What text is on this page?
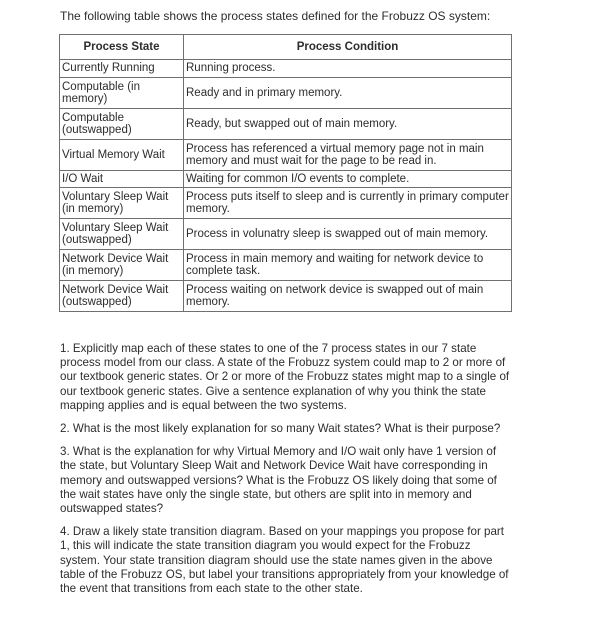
The following table shows the process states defined for the Frobuzz OS system:
Process State	Process Condition
Currently Running	Running process.
Computable (in memory)	Ready and in primary memory.
Computable (outswapped)	Ready, but swapped out of main memory.
Virtual Memory Wait	Process has referenced a virtual memory page not in main memory and must wait for the page to be read in.
I/O Wait	Waiting for common I/O events to complete.
Voluntary Sleep Wait (in memory)	Process puts itself to sleep and is currently in primary computer memory.
Voluntary Sleep Wait (outswapped)	Process in volunatry sleep is swapped out of main memory.
Network Device Wait (in memory)	Process in main memory and waiting for network device to complete task.
Network Device Wait (outswapped)	Process waiting on network device is swapped out of main memory.

1. Explicitly map each of these states to one of the 7 process states in our 7 state process model from our class. A state of the Frobuzz system could map to 2 or more of our textbook generic states. Or 2 or more of the Frobuzz states might map to a single of our textbook generic states. Give a sentence explanation of why you think the state mapping applies and is equal between the two systems.

2. What is the most likely explanation for so many Wait states? What is their purpose?

3. What is the explanation for why Virtual Memory and I/O wait only have 1 version of the state, but Voluntary Sleep Wait and Network Device Wait have corresponding in memory and outswapped versions? What is the Frobuzz OS likely doing that some of the wait states have only the single state, but others are split into in memory and outswapped states?

4. Draw a likely state transition diagram. Based on your mappings you propose for part 1, this will indicate the state transition diagram you would expect for the Frobuzz system. Your state transition diagram should use the state names given in the above table of the Frobuzz OS, but label your transitions appropriately from your knowledge of the event that transitions from each state to the other state.
